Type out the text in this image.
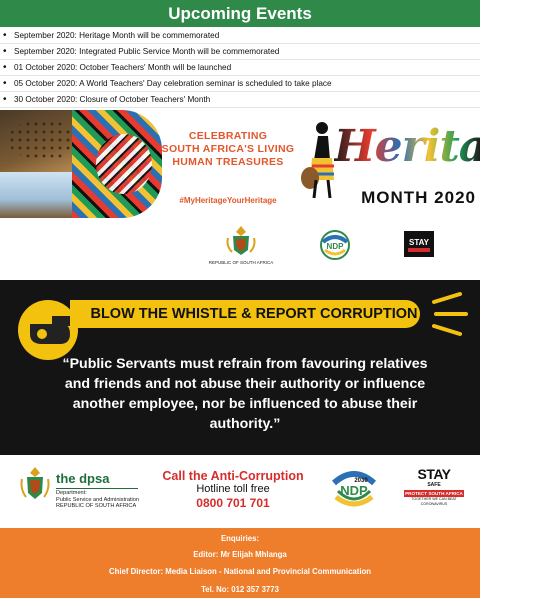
Upcoming Events
• September 2020: Heritage Month will be commemorated
• September 2020: Integrated Public Service Month will be commemorated
• 01 October 2020: October Teachers' Month will be launched
• 05 October 2020: A World Teachers' Day celebration seminar is scheduled to take place
• 30 October 2020: Closure of October Teachers' Month
CELEBRATING
SOUTH AFRICA'S LIVING
HUMAN TREASURES
#MyHeritageYourHeritage
Heritage
MONTH 2020
REPUBLIC OF SOUTH AFRICA
NDP	STAY
BLOW THE WHISTLE & REPORT CORRUPTION
“Public Servants must refrain from favouring relatives and friends and not abuse their authority or influence another employee, nor be influenced to abuse their authority.”
the dpsa
Department:
Public Service and Administration
REPUBLIC OF SOUTH AFRICA
Call the Anti-Corruption
Hotline toll free
0800 701 701
NDP
2030	STAY
SAFE
PROTECT SOUTH AFRICA
TOGETHER WE CAN BEAT CORONAVIRUS
Enquiries:
Editor: Mr Elijah Mhlanga
Chief Director: Media Liaison - National and Provincial Communication
Tel. No: 012 357 3773
